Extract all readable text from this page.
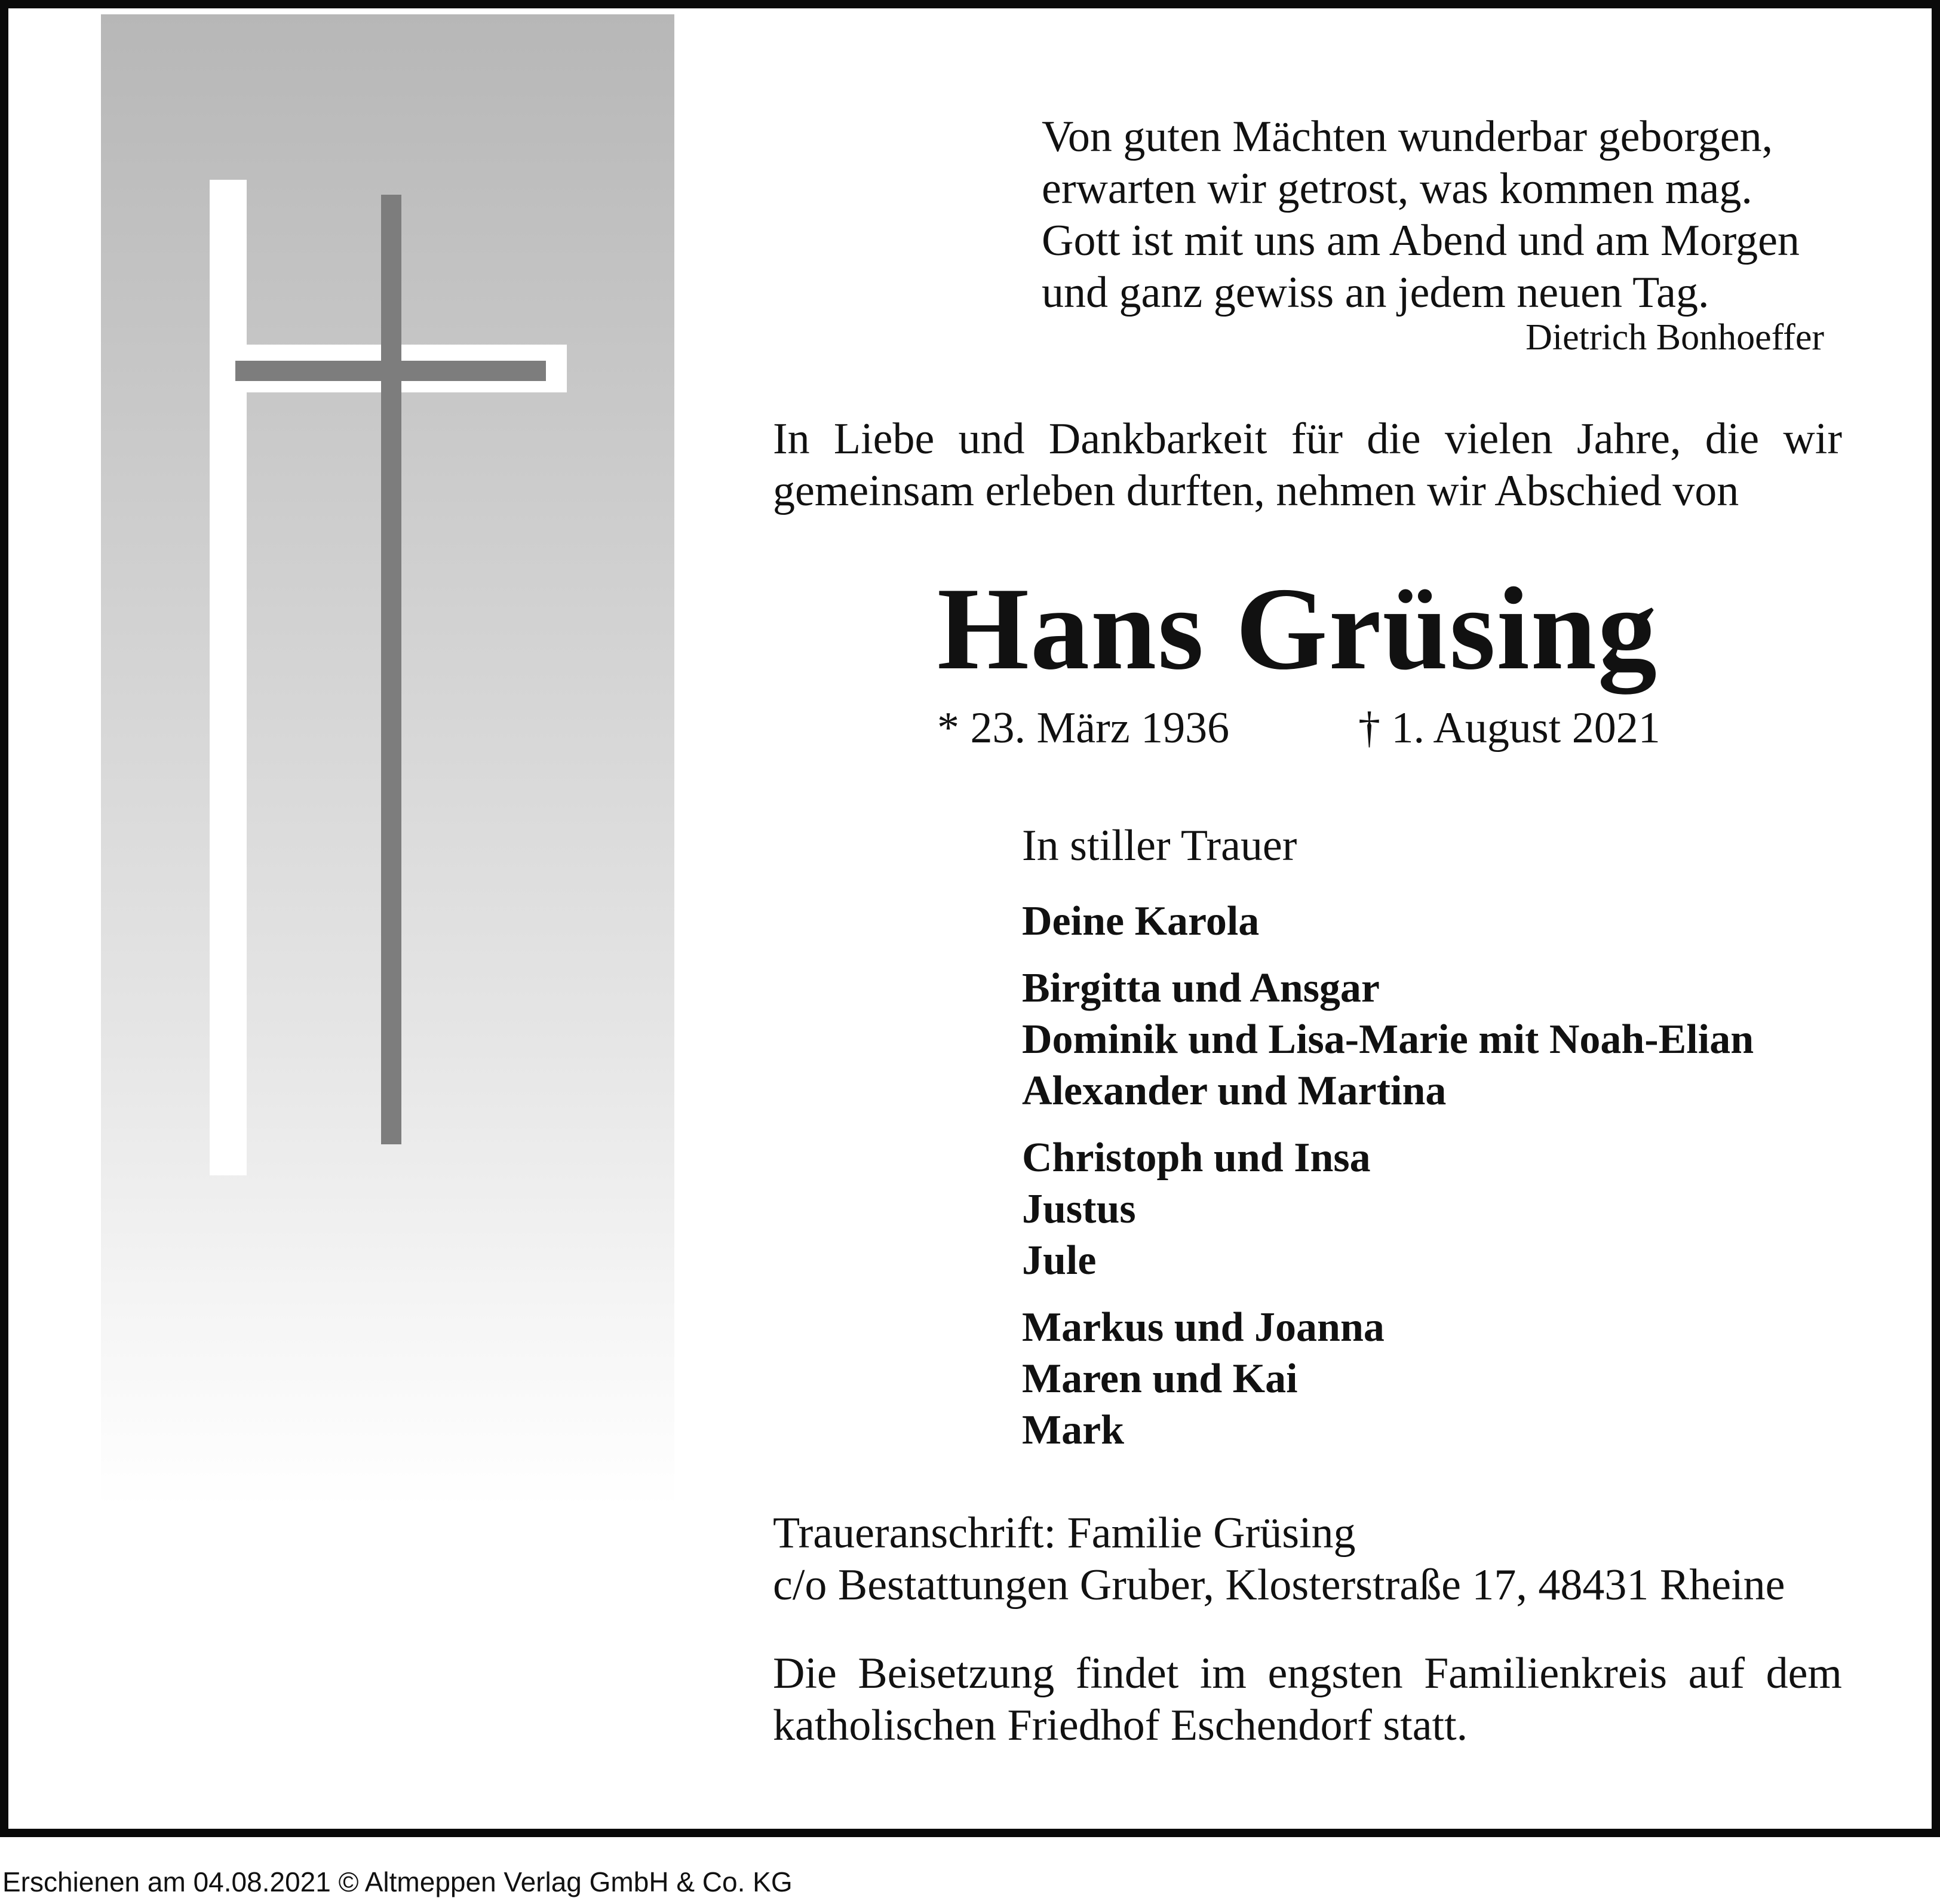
Von guten Mächten wunderbar geborgen,
erwarten wir getrost, was kommen mag.
Gott ist mit uns am Abend und am Morgen
und ganz gewiss an jedem neuen Tag.
Dietrich Bonhoeffer
In Liebe und Dankbarkeit für die vielen Jahre, die wir
gemeinsam erleben durften, nehmen wir Abschied von
Hans Grüsing
* 23. März 1936	† 1. August 2021
In stiller Trauer
Deine Karola
Birgitta und Ansgar
Dominik und Lisa-Marie mit Noah-Elian
Alexander und Martina
Christoph und Insa
Justus
Jule
Markus und Joanna
Maren und Kai
Mark
Traueranschrift: Familie Grüsing
c/o Bestattungen Gruber, Klosterstraße 17, 48431 Rheine
Die Beisetzung findet im engsten Familienkreis auf dem
katholischen Friedhof Eschendorf statt.
Erschienen am 04.08.2021 © Altmeppen Verlag GmbH & Co. KG
